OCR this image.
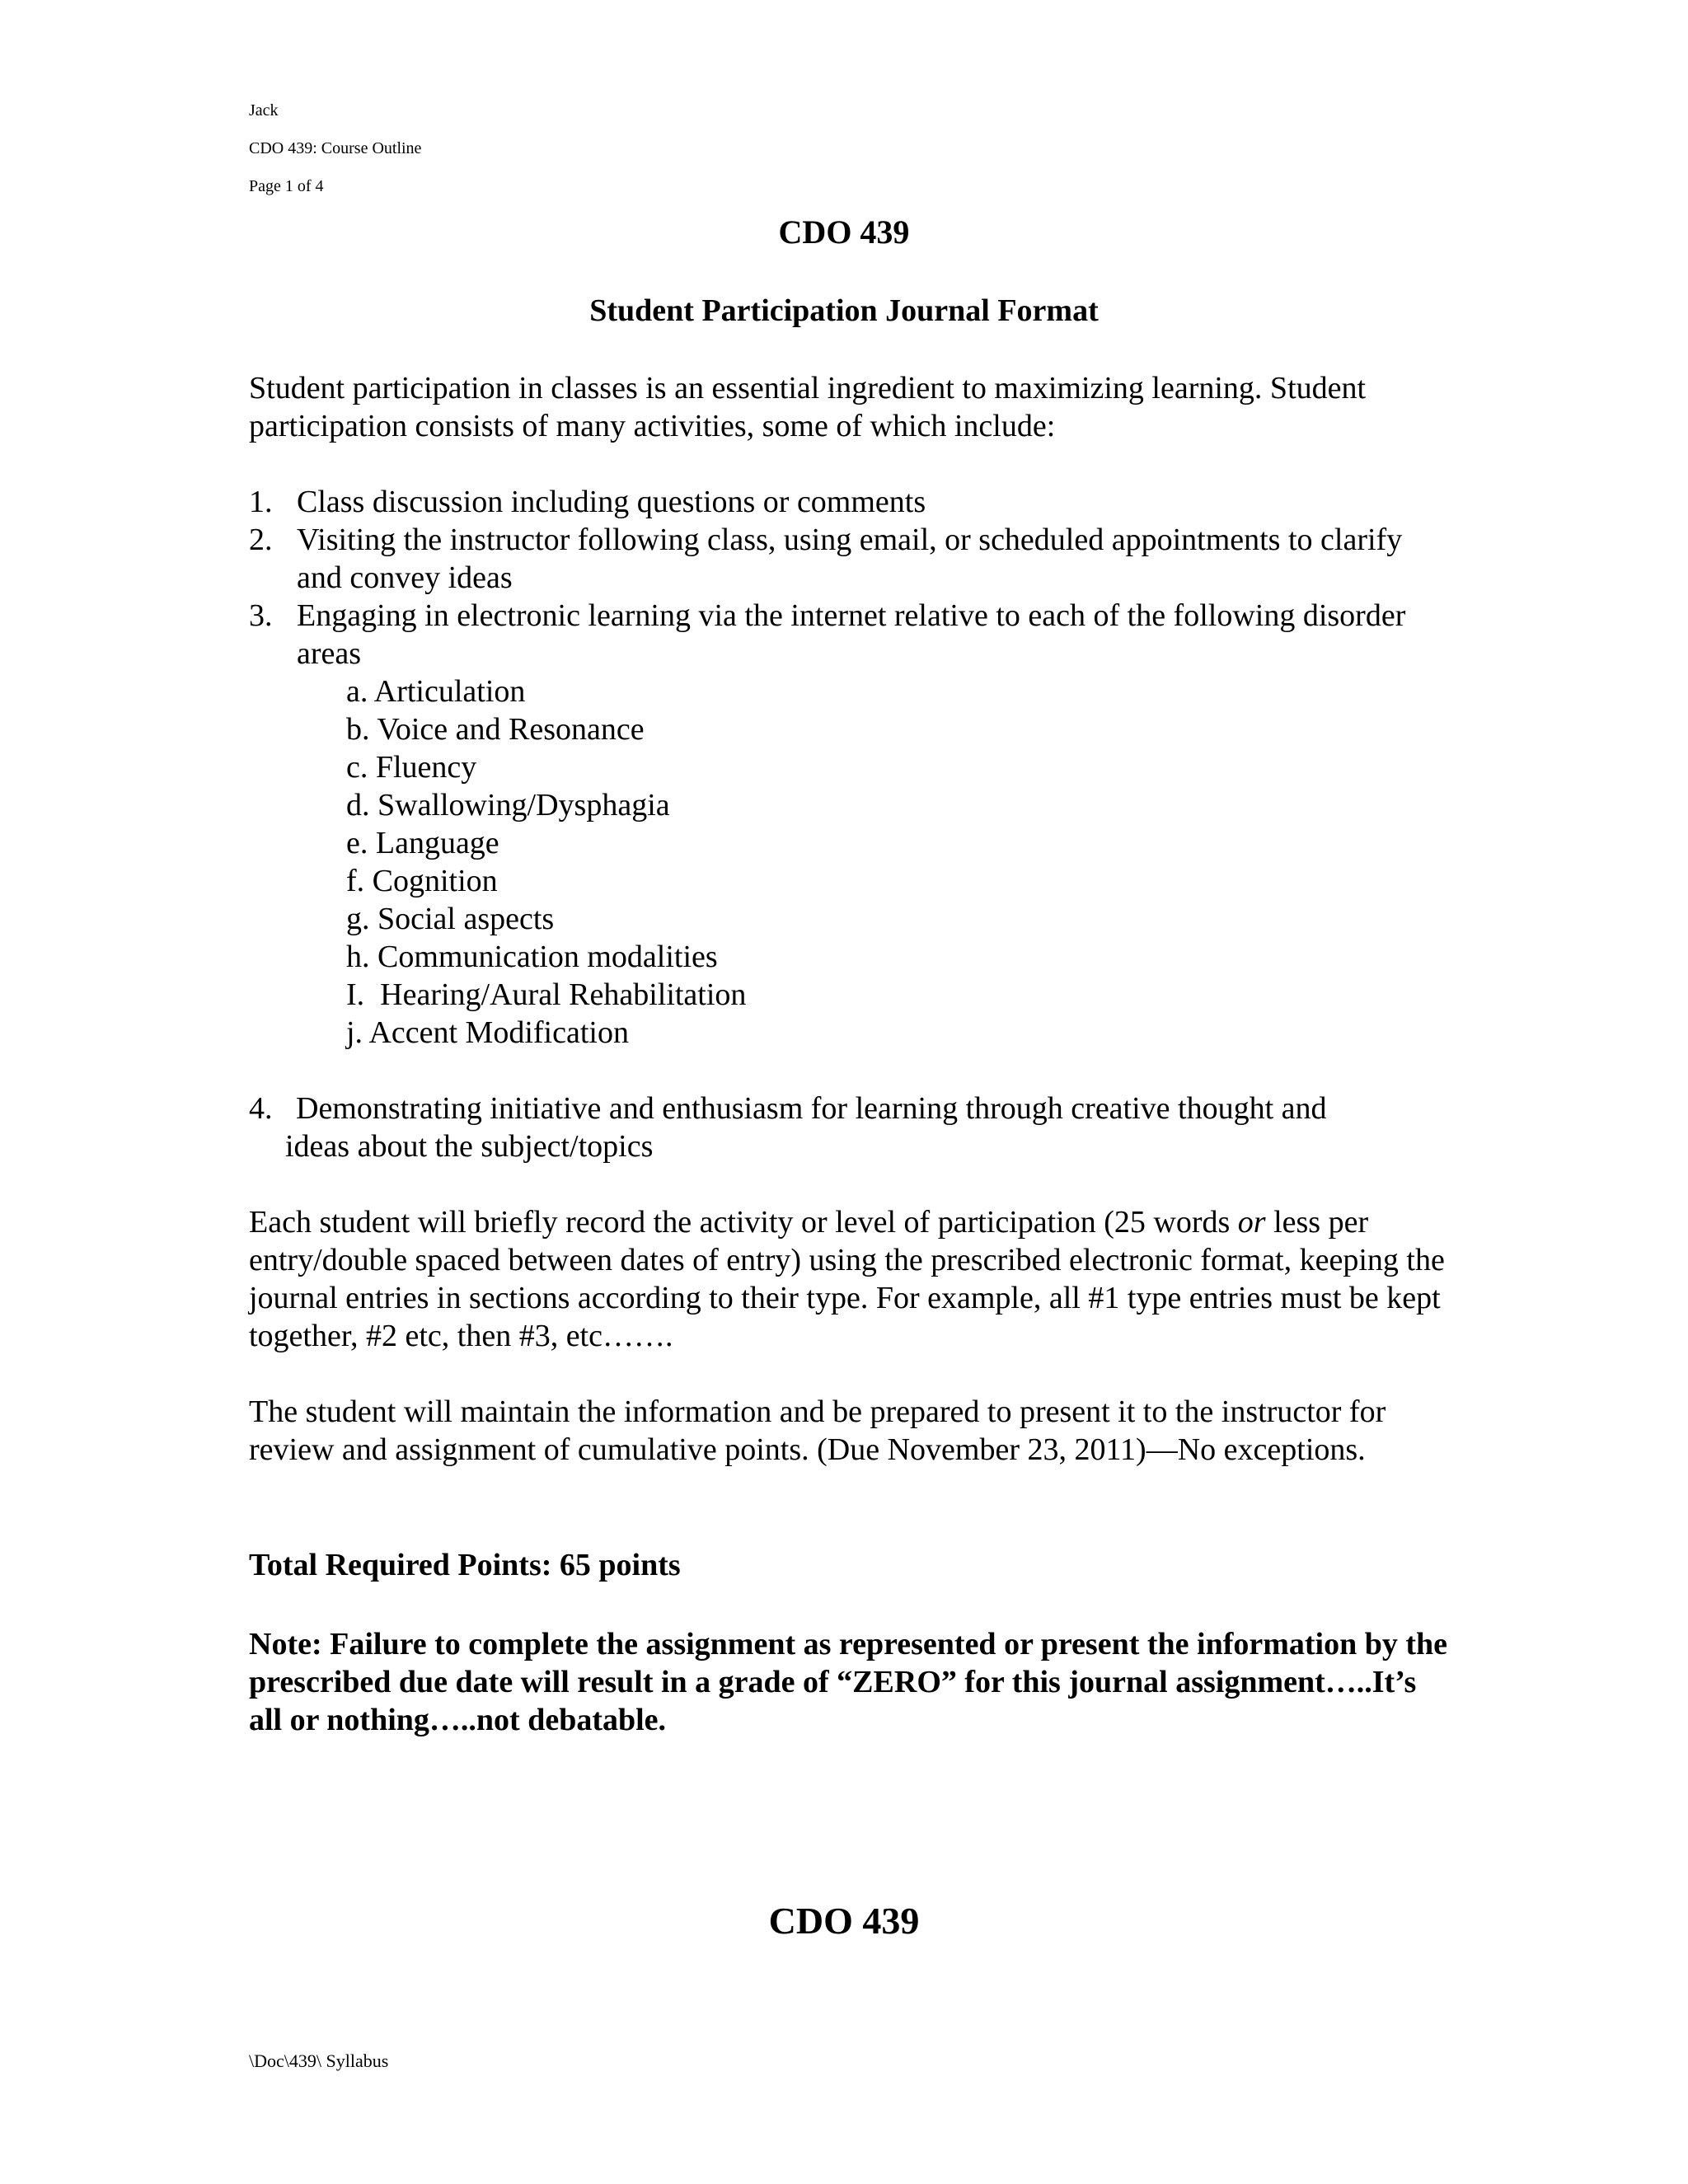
Jack
CDO 439: Course Outline
Page 1 of 4
CDO 439
Student Participation Journal Format

Student participation in classes is an essential ingredient to maximizing learning. Student participation consists of many activities, some of which include:

1. Class discussion including questions or comments
2. Visiting the instructor following class, using email, or scheduled appointments to clarify and convey ideas
3. Engaging in electronic learning via the internet relative to each of the following disorder areas
a. Articulation
b. Voice and Resonance
c. Fluency
d. Swallowing/Dysphagia
e. Language
f. Cognition
g. Social aspects
h. Communication modalities
I.  Hearing/Aural Rehabilitation
j. Accent Modification
4. Demonstrating initiative and enthusiasm for learning through creative thought and
ideas about the subject/topics

Each student will briefly record the activity or level of participation (25 words or less per entry/double spaced between dates of entry) using the prescribed electronic format, keeping the journal entries in sections according to their type. For example, all #1 type entries must be kept together, #2 etc, then #3, etc…….

The student will maintain the information and be prepared to present it to the instructor for review and assignment of cumulative points. (Due November 23, 2011)—No exceptions.

Total Required Points: 65 points

Note: Failure to complete the assignment as represented or present the information by the prescribed due date will result in a grade of “ZERO” for this journal assignment…..It’s all or nothing…..not debatable.

CDO 439
\Doc\439\ Syllabus
